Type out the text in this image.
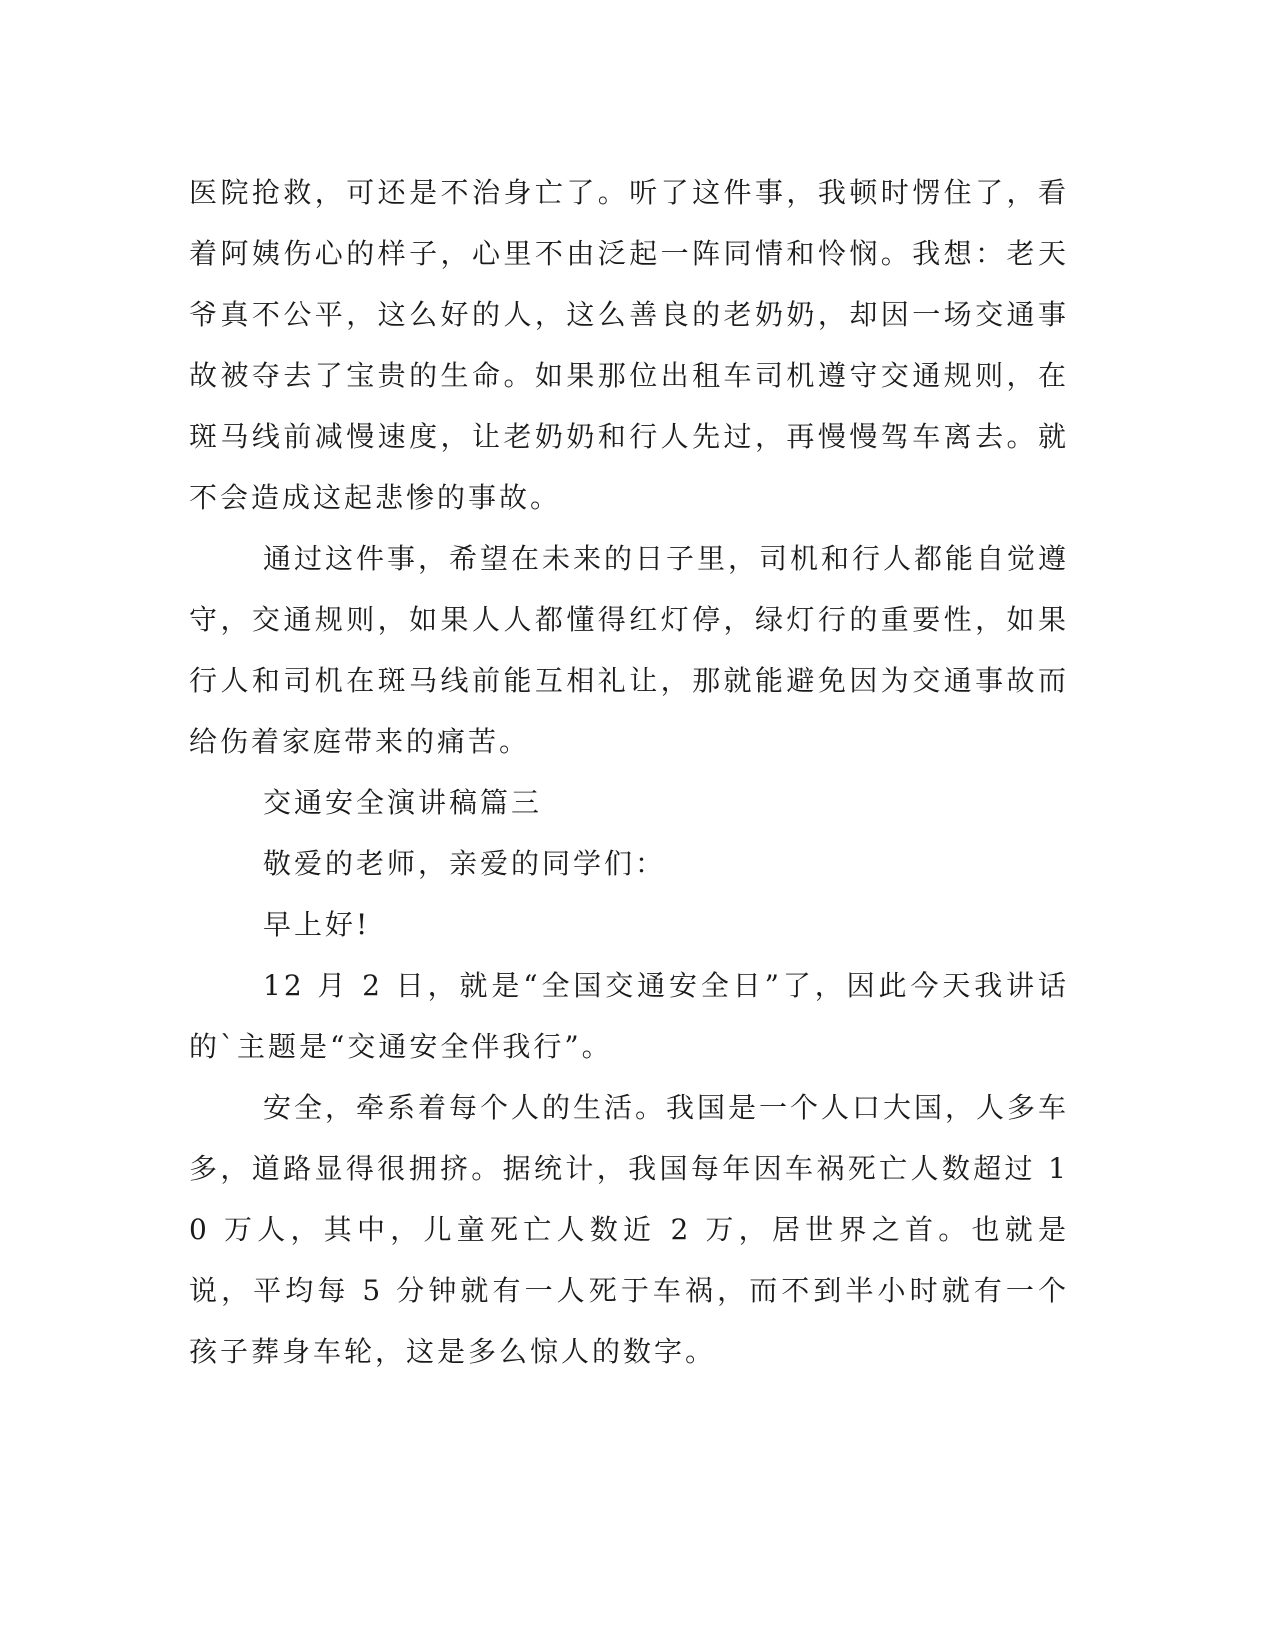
医院抢救，可还是不治身亡了。听了这件事，我顿时愣住了，看着阿姨伤心的样子，心里不由泛起一阵同情和怜悯。我想：老天爷真不公平，这么好的人，这么善良的老奶奶，却因一场交通事故被夺去了宝贵的生命。如果那位出租车司机遵守交通规则，在斑马线前减慢速度，让老奶奶和行人先过，再慢慢驾车离去。就不会造成这起悲惨的事故。

通过这件事，希望在未来的日子里，司机和行人都能自觉遵守，交通规则，如果人人都懂得红灯停，绿灯行的重要性，如果行人和司机在斑马线前能互相礼让，那就能避免因为交通事故而给伤着家庭带来的痛苦。

交通安全演讲稿篇三

敬爱的老师，亲爱的同学们：

早上好!

12 月 2 日，就是“全国交通安全日”了，因此今天我讲话的`主题是“交通安全伴我行”。

安全，牵系着每个人的生活。我国是一个人口大国，人多车多，道路显得很拥挤。据统计，我国每年因车祸死亡人数超过 10 万人，其中，儿童死亡人数近 2 万，居世界之首。也就是说，平均每 5 分钟就有一人死于车祸，而不到半小时就有一个孩子葬身车轮，这是多么惊人的数字。
